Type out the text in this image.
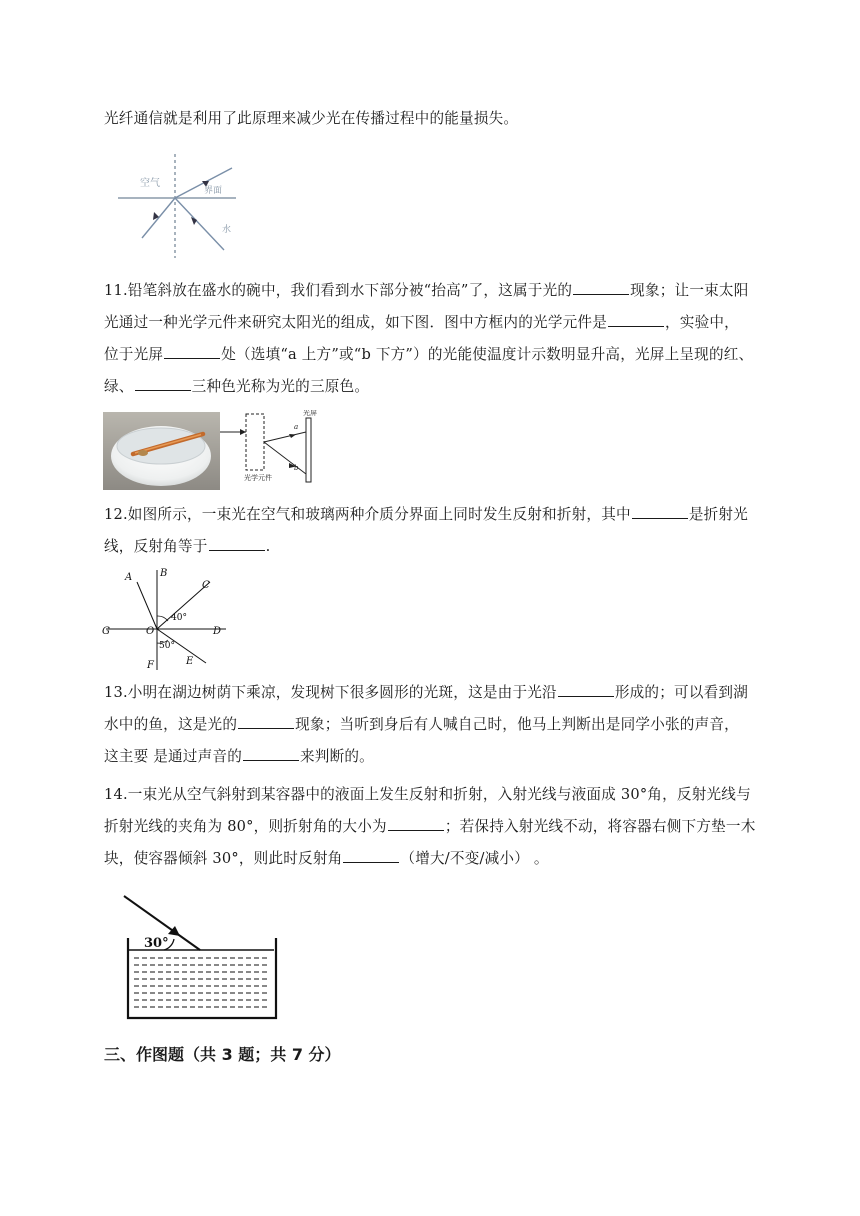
光纤通信就是利用了此原理来减少光在传播过程中的能量损失。
空气
界面
水
11.铅笔斜放在盛水的碗中，我们看到水下部分被“抬高”了，这属于光的	现象；让一束太阳
光通过一种光学元件来研究太阳光的组成，如下图．图中方框内的光学元件是	，实验中，
位于光屏	处（选填“a 上方”或“b 下方”）的光能使温度计示数明显升高，光屏上呈现的红、
绿、	三种色光称为光的三原色。
光屏
光学元件
a
b
12.如图所示，一束光在空气和玻璃两种介质分界面上同时发生反射和折射，其中	是折射光
线，反射角等于	.
A	B
C
D
G	O
E
F
40°
50°
13.小明在湖边树荫下乘凉，发现树下很多圆形的光斑，这是由于光沿	形成的；可以看到湖
水中的鱼，这是光的	现象；当听到身后有人喊自己时，他马上判断出是同学小张的声音，
这主要 是通过声音的	来判断的。
14.一束光从空气斜射到某容器中的液面上发生反射和折射，入射光线与液面成 30°角，反射光线与
折射光线的夹角为 80°，则折射角的大小为	；若保持入射光线不动，将容器右侧下方垫一木
块，使容器倾斜 30°，则此时反射角	（增大/不变/减小） 。
30°
三、作图题（共 3 题；共 7 分）
